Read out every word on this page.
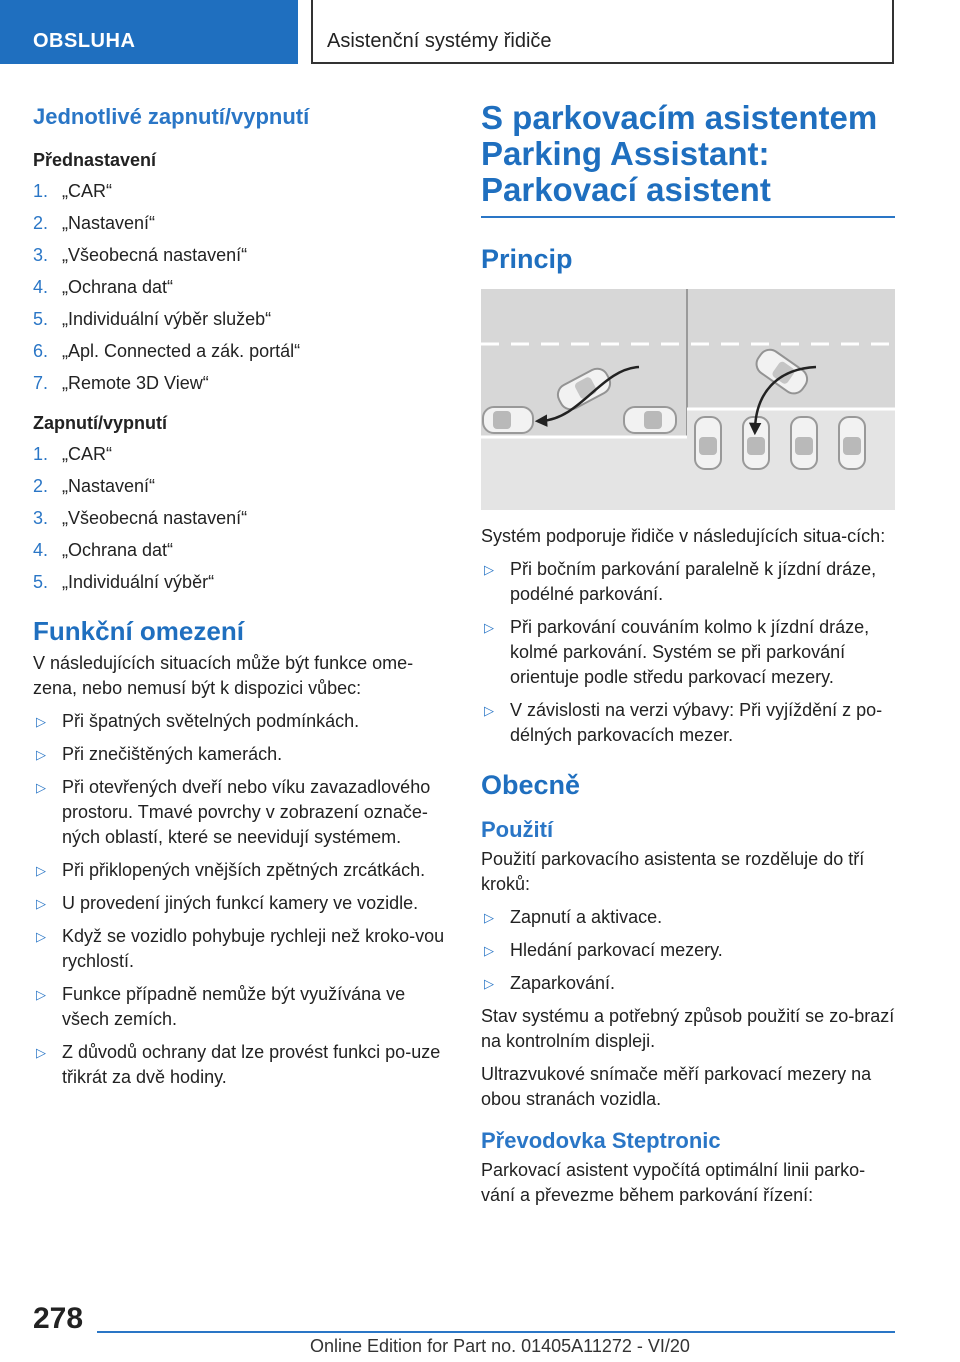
OBSLUHA	Asistenční systémy řidiče
Jednotlivé zapnutí/vypnutí
Přednastavení
1. „CAR“
2. „Nastavení“
3. „Všeobecná nastavení“
4. „Ochrana dat“
5. „Individuální výběr služeb“
6. „Apl. Connected a zák. portál“
7. „Remote 3D View“
Zapnutí/vypnutí
1. „CAR“
2. „Nastavení“
3. „Všeobecná nastavení“
4. „Ochrana dat“
5. „Individuální výběr“
Funkční omezení

V následujících situacích může být funkce ome‐zena, nebo nemusí být k dispozici vůbec:

▷ Při špatných světelných podmínkách.
▷ Při znečištěných kamerách.
▷ Při otevřených dveří nebo víku zavazadlového prostoru. Tmavé povrchy v zobrazení označe‐ných oblastí, které se neevidují systémem.
▷ Při přiklopených vnějších zpětných zrcátkách.
▷ U provedení jiných funkcí kamery ve vozidle.
▷ Když se vozidlo pohybuje rychleji než kroko‐vou rychlostí.
▷ Funkce případně nemůže být využívána ve všech zemích.
▷ Z důvodů ochrany dat lze provést funkci po‐uze třikrát za dvě hodiny.
S parkovacím asistentem Parking Assistant: Parkovací asistent
Princip

Systém podporuje řidiče v následujících situa‐cích:

▷ Při bočním parkování paralelně k jízdní dráze, podélné parkování.
▷ Při parkování couváním kolmo k jízdní dráze, kolmé parkování. Systém se při parkování orientuje podle středu parkovací mezery.
▷ V závislosti na verzi výbavy: Při vyjíždění z po‐délných parkovacích mezer.
Obecně
Použití

Použití parkovacího asistenta se rozděluje do tří kroků:

▷ Zapnutí a aktivace.
▷ Hledání parkovací mezery.
▷ Zaparkování.

Stav systému a potřebný způsob použití se zo‐brazí na kontrolním displeji.

Ultrazvukové snímače měří parkovací mezery na obou stranách vozidla.

Převodovka Steptronic

Parkovací asistent vypočítá optimální linii parko‐vání a převezme během parkování řízení:

278
Online Edition for Part no. 01405A11272 - VI/20
